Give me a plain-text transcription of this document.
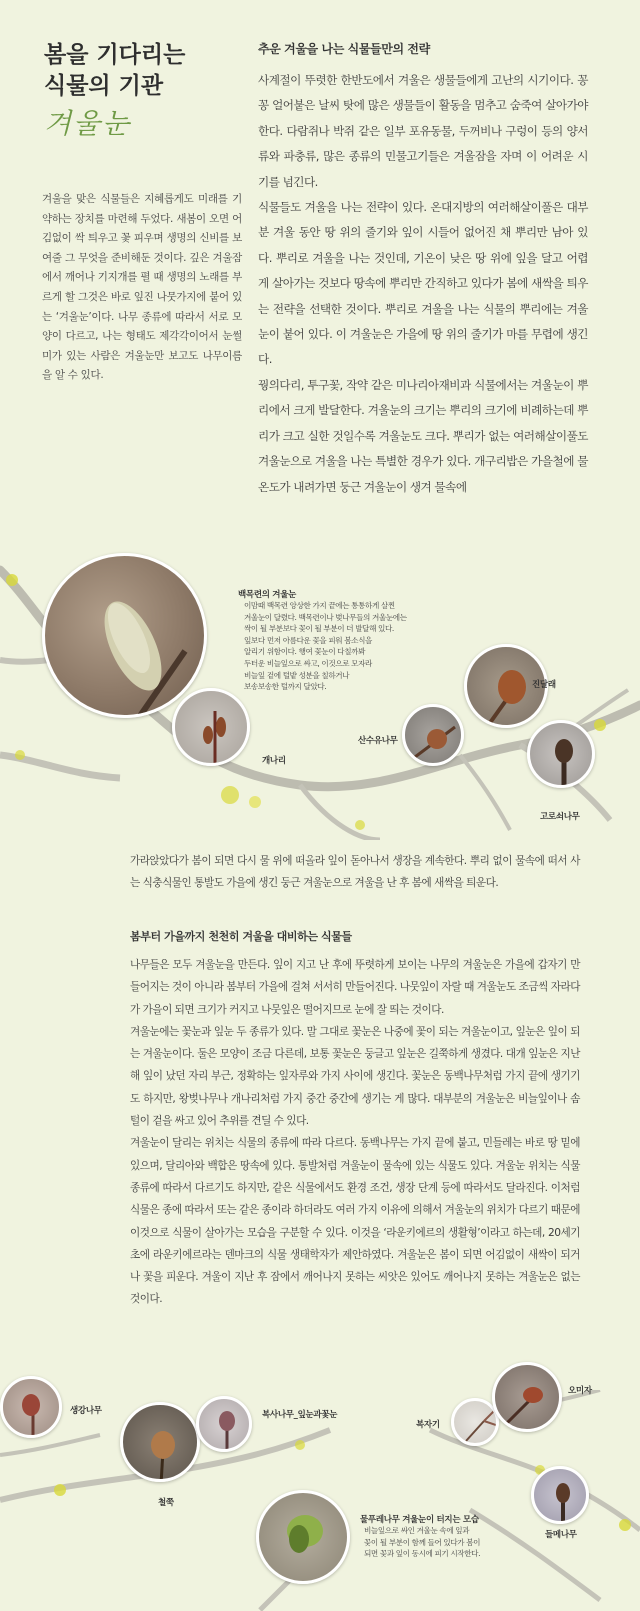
봄을 기다리는
식물의 기관
겨울눈
겨울을 맞은 식물들은 지혜롭게도 미래를 기약하는 장치를 마련해 두었다. 새봄이 오면 어김없이 싹 틔우고 꽃 피우며 생명의 신비를 보여줄 그 무엇을 준비해둔 것이다. 깊은 겨울잠에서 깨어나 기지개를 펼 때 생명의 노래를 부르게 할 그것은 바로 잎진 나뭇가지에 붙어 있는 ‘겨울눈’이다. 나무 종류에 따라서 서로 모양이 다르고, 나는 형태도 제각각이어서 눈썰미가 있는 사람은 겨울눈만 보고도 나무이름을 알 수 있다.
추운 겨울을 나는 식물들만의 전략

사계절이 뚜렷한 한반도에서 겨울은 생물들에게 고난의 시기이다. 꽁꽁 얼어붙은 날씨 탓에 많은 생물들이 활동을 멈추고 숨죽여 살아가야 한다. 다람쥐나 박쥐 같은 일부 포유동물, 두꺼비나 구렁이 등의 양서류와 파충류, 많은 종류의 민물고기들은 겨울잠을 자며 이 어려운 시기를 넘긴다.

식물들도 겨울을 나는 전략이 있다. 온대지방의 여러해살이풀은 대부분 겨울 동안 땅 위의 줄기와 잎이 시들어 없어진 채 뿌리만 남아 있다. 뿌리로 겨울을 나는 것인데, 기온이 낮은 땅 위에 잎을 달고 어렵게 살아가는 것보다 땅속에 뿌리만 간직하고 있다가 봄에 새싹을 틔우는 전략을 선택한 것이다. 뿌리로 겨울을 나는 식물의 뿌리에는 겨울눈이 붙어 있다. 이 겨울눈은 가을에 땅 위의 줄기가 마를 무렵에 생긴다.

꿩의다리, 투구꽃, 작약 같은 미나리아재비과 식물에서는 겨울눈이 뿌리에서 크게 발달한다. 겨울눈의 크기는 뿌리의 크기에 비례하는데 뿌리가 크고 실한 것일수록 겨울눈도 크다. 뿌리가 없는 여러해살이풀도 겨울눈으로 겨울을 나는 특별한 경우가 있다. 개구리밥은 가을철에 물 온도가 내려가면 둥근 겨울눈이 생겨 물속에

백목련의 겨울눈
이맘때 백목련 앙상한 가지 끝에는 통통하게 살찐
겨울눈이 달렸다. 백목련이나 벚나무들의 겨울눈에는
싹이 될 부분보다 꽃이 될 부분이 더 발달해 있다.
잎보다 먼저 아름다운 꽃을 피워 봄소식을
알리기 위함이다. 행여 꽃눈이 다칠까봐
두터운 비늘잎으로 싸고, 이것으로 모자라
비늘잎 겉에 털밭 성분을 칠하거나
보송보송한 털까지 달았다.
개나리
산수유나무
진달래
고로쇠나무
가라앉았다가 봄이 되면 다시 물 위에 떠올라 잎이 돋아나서 생장을 계속한다. 뿌리 없이 물속에 떠서 사는 식충식물인 통발도 가을에 생긴 둥근 겨울눈으로 겨울을 난 후 봄에 새싹을 틔운다.
봄부터 가을까지 천천히 겨울을 대비하는 식물들

나무들은 모두 겨울눈을 만든다. 잎이 지고 난 후에 뚜렷하게 보이는 나무의 겨울눈은 가을에 갑자기 만들어지는 것이 아니라 봄부터 가을에 걸쳐 서서히 만들어진다. 나뭇잎이 자랄 때 겨울눈도 조금씩 자라다가 가을이 되면 크기가 커지고 나뭇잎은 떨어지므로 눈에 잘 띄는 것이다.

겨울눈에는 꽃눈과 잎눈 두 종류가 있다. 말 그대로 꽃눈은 나중에 꽃이 되는 겨울눈이고, 잎눈은 잎이 되는 겨울눈이다. 둘은 모양이 조금 다른데, 보통 꽃눈은 둥글고 잎눈은 길쭉하게 생겼다. 대개 잎눈은 지난해 잎이 났던 자리 부근, 정확하는 잎자루와 가지 사이에 생긴다. 꽃눈은 동백나무처럼 가지 끝에 생기기도 하지만, 왕벚나무나 개나리처럼 가지 중간 중간에 생기는 게 많다. 대부분의 겨울눈은 비늘잎이나 솜털이 겉을 싸고 있어 추위를 견딜 수 있다.

겨울눈이 달리는 위치는 식물의 종류에 따라 다르다. 동백나무는 가지 끝에 붙고, 민들레는 바로 땅 밑에 있으며, 달리아와 백합은 땅속에 있다. 통발처럼 겨울눈이 물속에 있는 식물도 있다. 겨울눈 위치는 식물 종류에 따라서 다르기도 하지만, 같은 식물에서도 환경 조건, 생장 단계 등에 따라서도 달라진다. 이처럼 식물은 종에 따라서 또는 같은 종이라 하더라도 여러 가지 이유에 의해서 겨울눈의 위치가 다르기 때문에 이것으로 식물이 살아가는 모습을 구분할 수 있다. 이것을 ‘라운키에르의 생활형’이라고 하는데, 20세기 초에 라운키에르라는 덴마크의 식물 생태학자가 제안하였다. 겨울눈은 봄이 되면 어김없이 새싹이 되거나 꽃을 피운다. 겨울이 지난 후 잠에서 깨어나지 못하는 씨앗은 있어도 깨어나지 못하는 겨울눈은 없는 것이다.

생강나무
철쭉
복사나무_잎눈과꽃눈
복자기
오미자
들메나무
물푸레나무 겨울눈이 터지는 모습
비늘잎으로 싸인 겨울눈 속에 잎과
꽃이 될 부분이 함께 들어 있다가 봄이
되면 꽃과 잎이 동시에 피기 시작한다.
